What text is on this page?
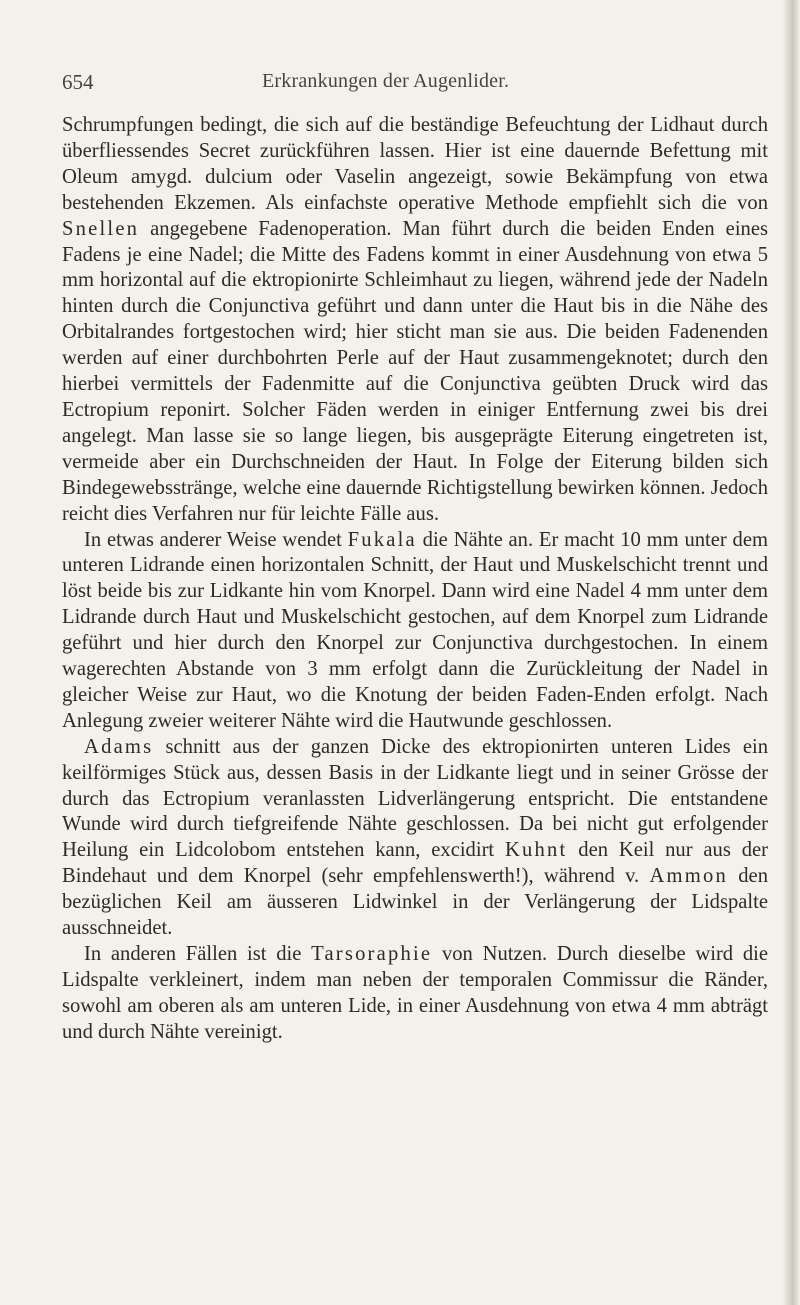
654	Erkrankungen der Augenlider.

Schrumpfungen bedingt, die sich auf die beständige Befeuchtung der Lidhaut durch überfliessendes Secret zurückführen lassen. Hier ist eine dauernde Befettung mit Oleum amygd. dulcium oder Vaselin angezeigt, sowie Bekämpfung von etwa bestehenden Ekzemen. Als einfachste operative Methode empfiehlt sich die von Snellen angegebene Fadenoperation. Man führt durch die beiden Enden eines Fadens je eine Nadel; die Mitte des Fadens kommt in einer Ausdehnung von etwa 5 mm horizontal auf die ektropionirte Schleimhaut zu liegen, während jede der Nadeln hinten durch die Conjunctiva geführt und dann unter die Haut bis in die Nähe des Orbitalrandes fortgestochen wird; hier sticht man sie aus. Die beiden Fadenenden werden auf einer durchbohrten Perle auf der Haut zusammengeknotet; durch den hierbei vermittels der Fadenmitte auf die Conjunctiva geübten Druck wird das Ectropium reponirt. Solcher Fäden werden in einiger Entfernung zwei bis drei angelegt. Man lasse sie so lange liegen, bis ausgeprägte Eiterung eingetreten ist, vermeide aber ein Durchschneiden der Haut. In Folge der Eiterung bilden sich Bindegewebsstränge, welche eine dauernde Richtigstellung bewirken können. Jedoch reicht dies Verfahren nur für leichte Fälle aus.

In etwas anderer Weise wendet Fukala die Nähte an. Er macht 10 mm unter dem unteren Lidrande einen horizontalen Schnitt, der Haut und Muskelschicht trennt und löst beide bis zur Lidkante hin vom Knorpel. Dann wird eine Nadel 4 mm unter dem Lidrande durch Haut und Muskelschicht gestochen, auf dem Knorpel zum Lidrande geführt und hier durch den Knorpel zur Conjunctiva durchgestochen. In einem wagerechten Abstande von 3 mm erfolgt dann die Zurückleitung der Nadel in gleicher Weise zur Haut, wo die Knotung der beiden Faden-Enden erfolgt. Nach Anlegung zweier weiterer Nähte wird die Hautwunde geschlossen.

Adams schnitt aus der ganzen Dicke des ektropionirten unteren Lides ein keilförmiges Stück aus, dessen Basis in der Lidkante liegt und in seiner Grösse der durch das Ectropium veranlassten Lidverlängerung entspricht. Die entstandene Wunde wird durch tiefgreifende Nähte geschlossen. Da bei nicht gut erfolgender Heilung ein Lidcolobom entstehen kann, excidirt Kuhnt den Keil nur aus der Bindehaut und dem Knorpel (sehr empfehlenswerth!), während v. Ammon den bezüglichen Keil am äusseren Lidwinkel in der Verlängerung der Lidspalte ausschneidet.

In anderen Fällen ist die Tarsoraphie von Nutzen. Durch dieselbe wird die Lidspalte verkleinert, indem man neben der temporalen Commissur die Ränder, sowohl am oberen als am unteren Lide, in einer Ausdehnung von etwa 4 mm abträgt und durch Nähte vereinigt.
